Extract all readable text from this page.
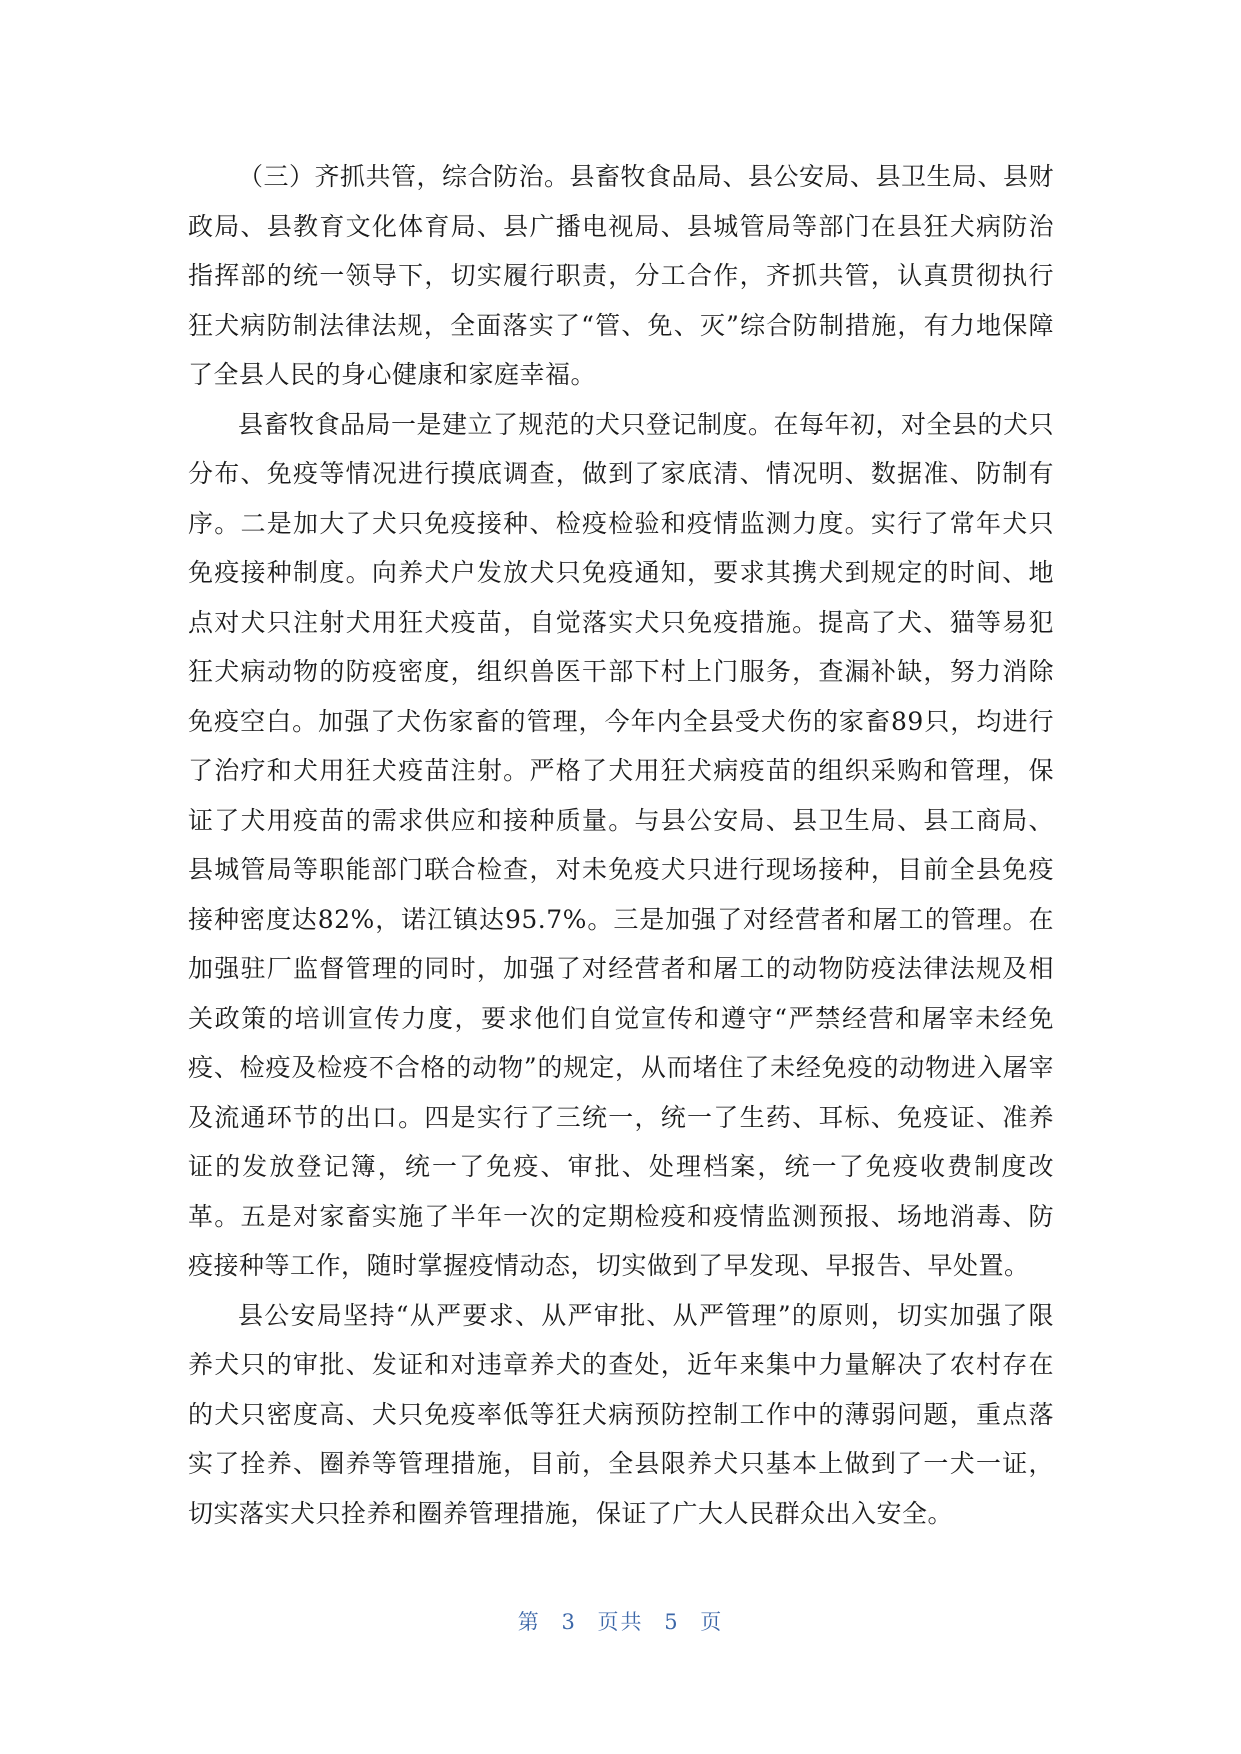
（三）齐抓共管，综合防治。县畜牧食品局、县公安局、县卫生局、县财政局、县教育文化体育局、县广播电视局、县城管局等部门在县狂犬病防治指挥部的统一领导下，切实履行职责，分工合作，齐抓共管，认真贯彻执行狂犬病防制法律法规，全面落实了“管、免、灭”综合防制措施，有力地保障了全县人民的身心健康和家庭幸福。

县畜牧食品局一是建立了规范的犬只登记制度。在每年初，对全县的犬只分布、免疫等情况进行摸底调查，做到了家底清、情况明、数据准、防制有序。二是加大了犬只免疫接种、检疫检验和疫情监测力度。实行了常年犬只免疫接种制度。向养犬户发放犬只免疫通知，要求其携犬到规定的时间、地点对犬只注射犬用狂犬疫苗，自觉落实犬只免疫措施。提高了犬、猫等易犯狂犬病动物的防疫密度，组织兽医干部下村上门服务，查漏补缺，努力消除免疫空白。加强了犬伤家畜的管理，今年内全县受犬伤的家畜89只，均进行了治疗和犬用狂犬疫苗注射。严格了犬用狂犬病疫苗的组织采购和管理，保证了犬用疫苗的需求供应和接种质量。与县公安局、县卫生局、县工商局、县城管局等职能部门联合检查，对未免疫犬只进行现场接种，目前全县免疫接种密度达82%，诺江镇达95.7%。三是加强了对经营者和屠工的管理。在加强驻厂监督管理的同时，加强了对经营者和屠工的动物防疫法律法规及相关政策的培训宣传力度，要求他们自觉宣传和遵守“严禁经营和屠宰未经免疫、检疫及检疫不合格的动物”的规定，从而堵住了未经免疫的动物进入屠宰及流通环节的出口。四是实行了三统一，统一了生药、耳标、免疫证、准养证的发放登记簿，统一了免疫、审批、处理档案，统一了免疫收费制度改革。五是对家畜实施了半年一次的定期检疫和疫情监测预报、场地消毒、防疫接种等工作，随时掌握疫情动态，切实做到了早发现、早报告、早处置。

县公安局坚持“从严要求、从严审批、从严管理”的原则，切实加强了限养犬只的审批、发证和对违章养犬的查处，近年来集中力量解决了农村存在的犬只密度高、犬只免疫率低等狂犬病预防控制工作中的薄弱问题，重点落实了拴养、圈养等管理措施，目前，全县限养犬只基本上做到了一犬一证，切实落实犬只拴养和圈养管理措施，保证了广大人民群众出入安全。

第 3 页共 5 页
